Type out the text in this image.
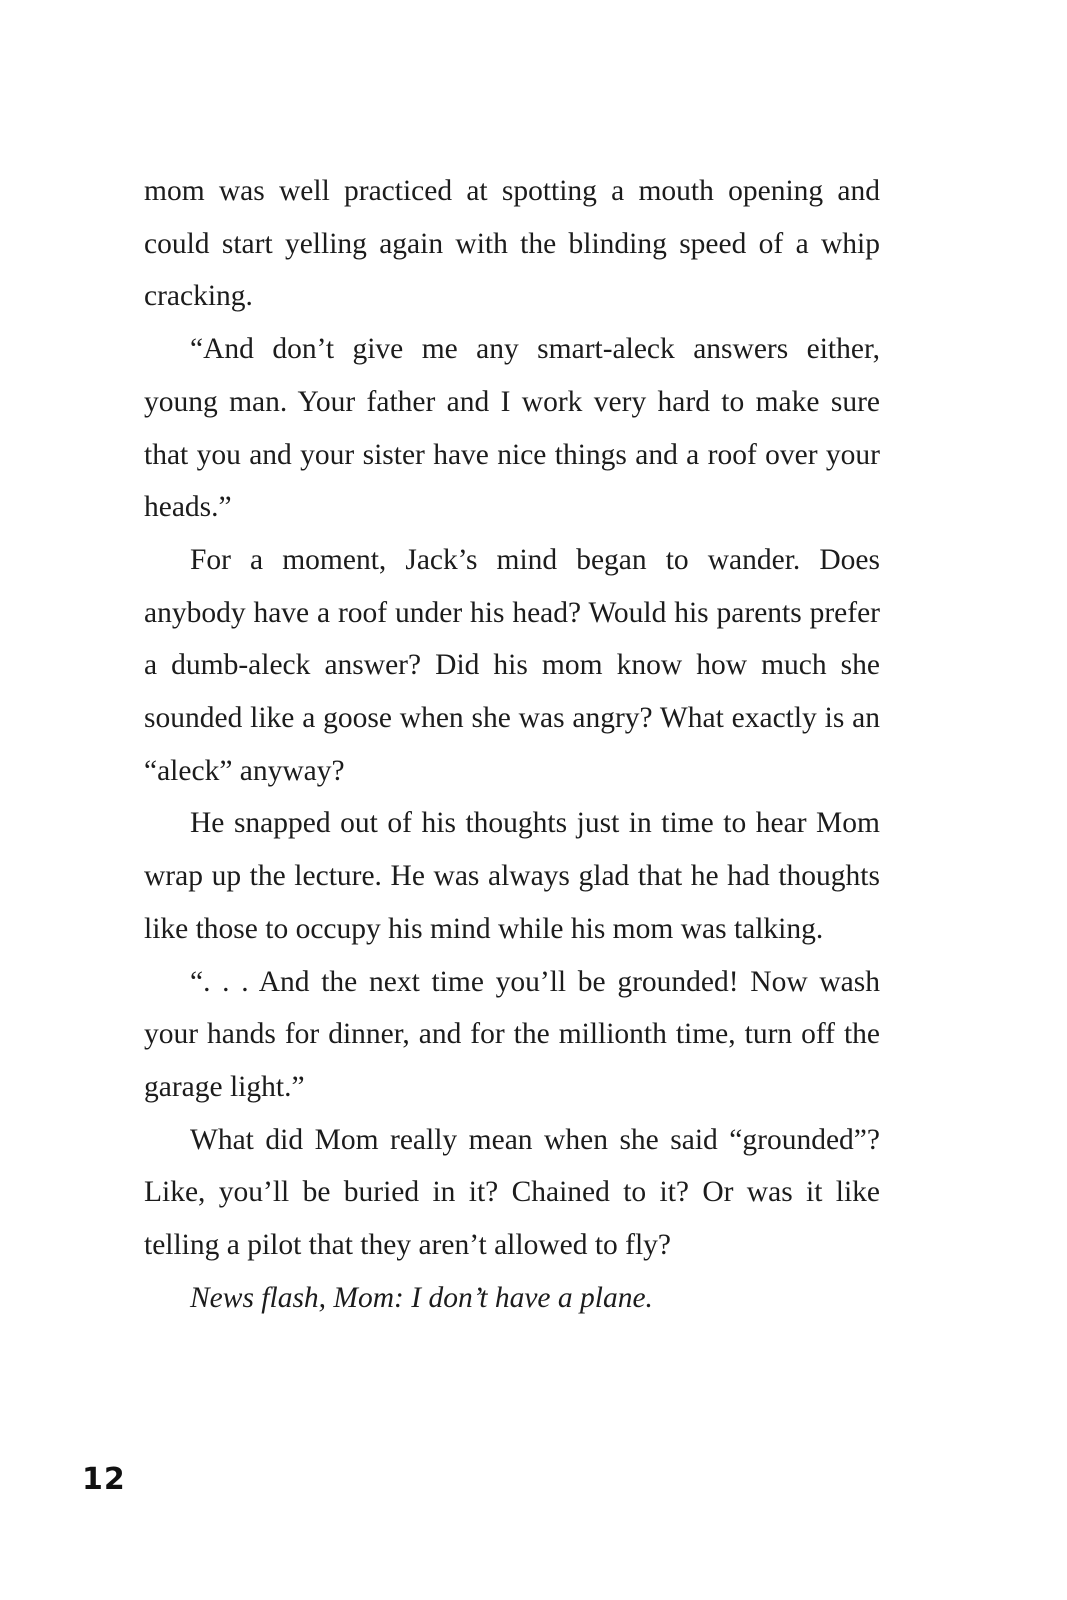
mom was well practiced at spotting a mouth opening and could start yelling again with the blinding speed of a whip cracking.

“And don’t give me any smart-aleck answers either, young man. Your father and I work very hard to make sure that you and your sister have nice things and a roof over your heads.”

For a moment, Jack’s mind began to wander. Does anybody have a roof under his head? Would his parents prefer a dumb-aleck answer? Did his mom know how much she sounded like a goose when she was angry? What exactly is an “aleck” anyway?

He snapped out of his thoughts just in time to hear Mom wrap up the lecture. He was always glad that he had thoughts like those to occupy his mind while his mom was talking.

“. . . And the next time you’ll be grounded! Now wash your hands for dinner, and for the millionth time, turn off the garage light.”

What did Mom really mean when she said “grounded”? Like, you’ll be buried in it? Chained to it? Or was it like telling a pilot that they aren’t allowed to fly?

News flash, Mom: I don’t have a plane.

12
